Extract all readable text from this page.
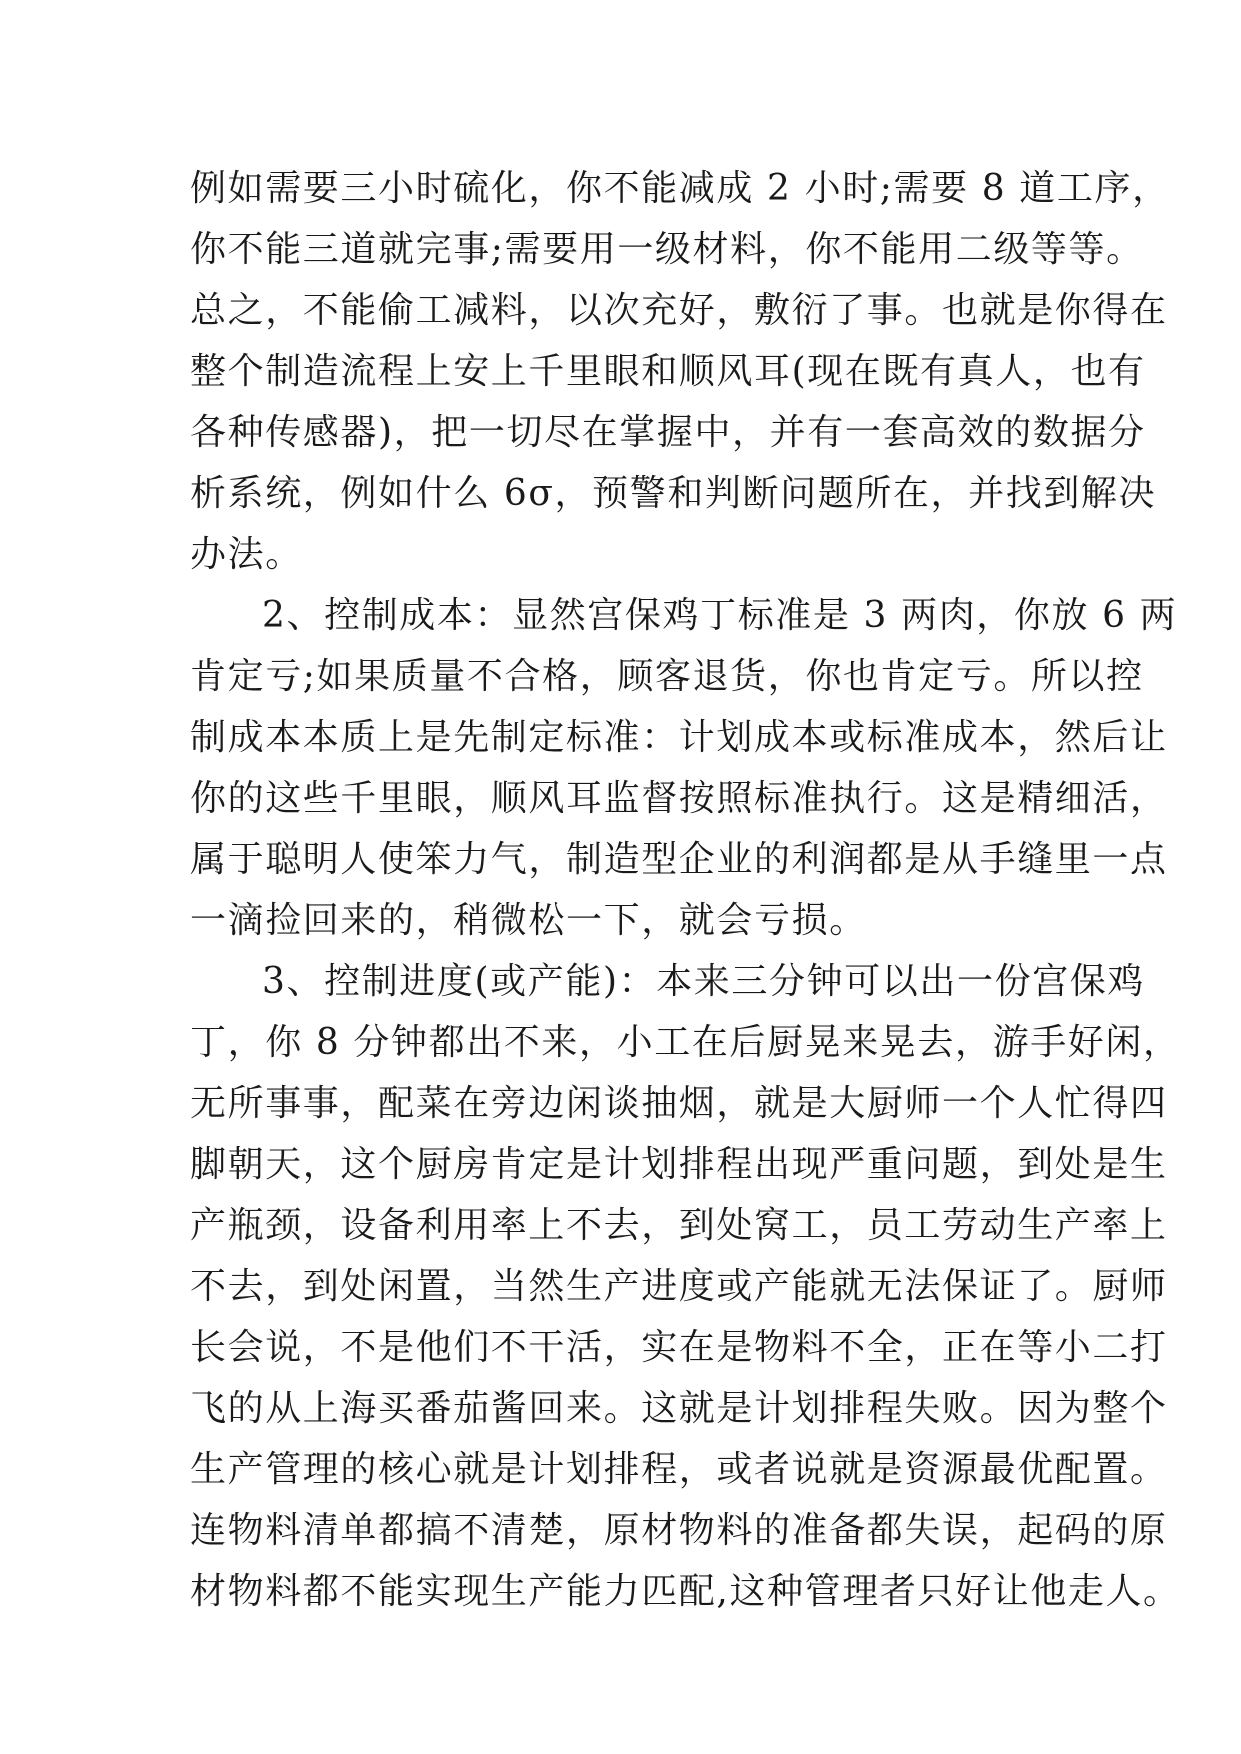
例如需要三小时硫化，你不能减成 2 小时;需要 8 道工序，
你不能三道就完事;需要用一级材料，你不能用二级等等。
总之，不能偷工减料，以次充好，敷衍了事。也就是你得在
整个制造流程上安上千里眼和顺风耳(现在既有真人，也有
各种传感器)，把一切尽在掌握中，并有一套高效的数据分
析系统，例如什么 6σ，预警和判断问题所在，并找到解决
办法。
2、控制成本：显然宫保鸡丁标准是 3 两肉，你放 6 两
肯定亏;如果质量不合格，顾客退货，你也肯定亏。所以控
制成本本质上是先制定标准：计划成本或标准成本，然后让
你的这些千里眼，顺风耳监督按照标准执行。这是精细活，
属于聪明人使笨力气，制造型企业的利润都是从手缝里一点
一滴捡回来的，稍微松一下，就会亏损。
3、控制进度(或产能)：本来三分钟可以出一份宫保鸡
丁，你 8 分钟都出不来，小工在后厨晃来晃去，游手好闲，
无所事事，配菜在旁边闲谈抽烟，就是大厨师一个人忙得四
脚朝天，这个厨房肯定是计划排程出现严重问题，到处是生
产瓶颈，设备利用率上不去，到处窝工，员工劳动生产率上
不去，到处闲置，当然生产进度或产能就无法保证了。厨师
长会说，不是他们不干活，实在是物料不全，正在等小二打
飞的从上海买番茄酱回来。这就是计划排程失败。因为整个
生产管理的核心就是计划排程，或者说就是资源最优配置。
连物料清单都搞不清楚，原材物料的准备都失误，起码的原
材物料都不能实现生产能力匹配,这种管理者只好让他走人。
